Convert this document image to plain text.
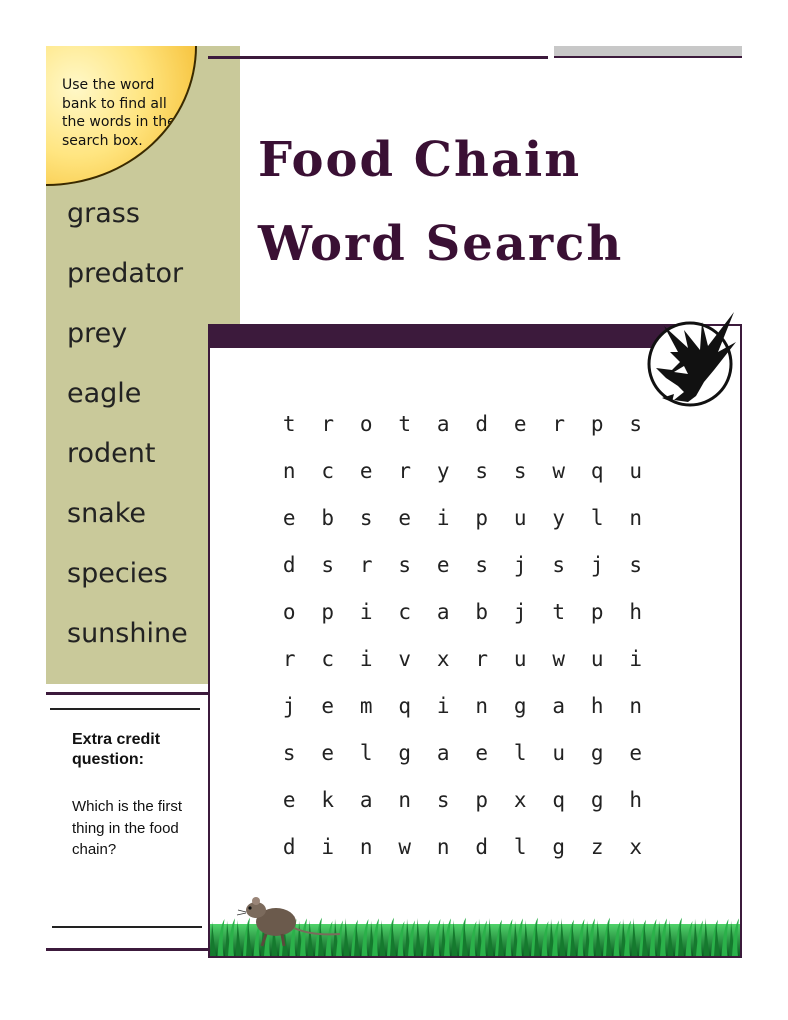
Use the word bank to find all the words in the search box.
grass
predator
prey
eagle
rodent
snake
species
sunshine
Food Chain
Word Search
t	r	o	t	a	d	e	r	p	s
n	c	e	r	y	s	s	w	q	u
e	b	s	e	i	p	u	y	l	n
d	s	r	s	e	s	j	s	j	s
o	p	i	c	a	b	j	t	p	h
r	c	i	v	x	r	u	w	u	i
j	e	m	q	i	n	g	a	h	n
s	e	l	g	a	e	l	u	g	e
e	k	a	n	s	p	x	q	g	h
d	i	n	w	n	d	l	g	z	x
Extra credit question:
Which is the first thing in the food chain?
